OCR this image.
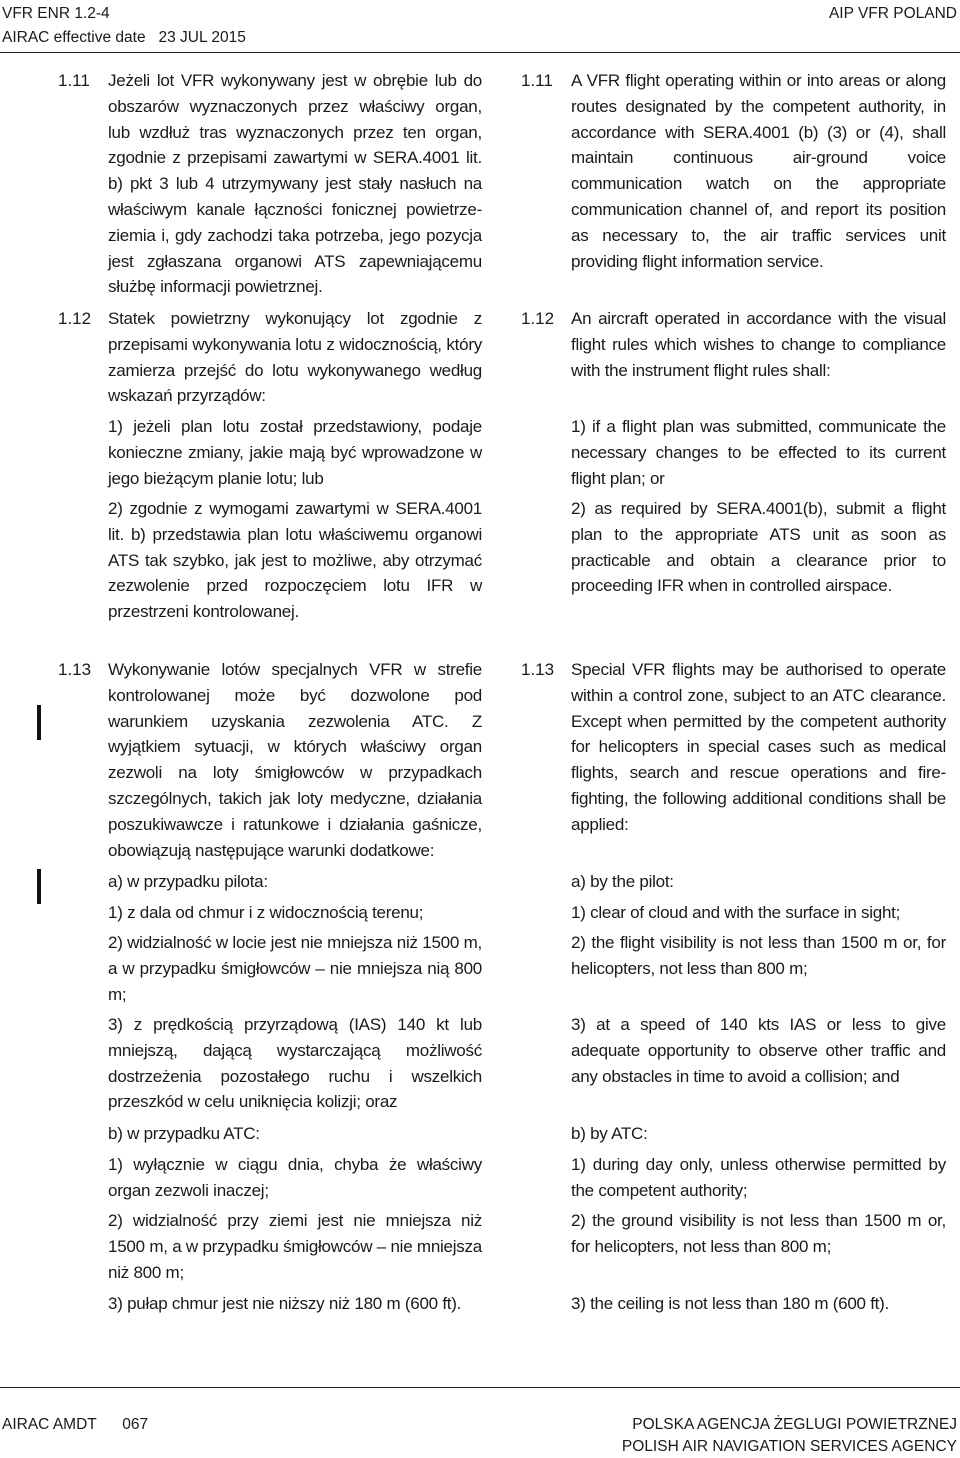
VFR ENR 1.2-4
AIRAC effective date   23 JUL 2015
AIP VFR POLAND
1.11 Jeżeli lot VFR wykonywany jest w obrębie lub do obszarów wyznaczonych przez właściwy organ, lub wzdłuż tras wyznaczonych przez ten organ, zgodnie z przepisami zawartymi w SERA.4001 lit. b) pkt 3 lub 4 utrzymywany jest stały nasłuch na właściwym kanale łączności fonicznej powietrze-ziemia i, gdy zachodzi taka potrzeba, jego pozycja jest zgłaszana organowi ATS zapewniającemu służbę informacji powietrznej.

1.12 Statek powietrzny wykonujący lot zgodnie z przepisami wykonywania lotu z widocznością, który zamierza przejść do lotu wykonywanego według wskazań przyrządów:

1) jeżeli plan lotu został przedstawiony, podaje konieczne zmiany, jakie mają być wprowadzone w jego bieżącym planie lotu; lub

2) zgodnie z wymogami zawartymi w SERA.4001 lit. b) przedstawia plan lotu właściwemu organowi ATS tak szybko, jak jest to możliwe, aby otrzymać zezwolenie przed rozpoczęciem lotu IFR w przestrzeni kontrolowanej.

1.13 Wykonywanie lotów specjalnych VFR w strefie kontrolowanej może być dozwolone pod warunkiem uzyskania zezwolenia ATC. Z wyjątkiem sytuacji, w których właściwy organ zezwoli na loty śmigłowców w przypadkach szczególnych, takich jak loty medyczne, działania poszukiwawcze i ratunkowe i działania gaśnicze, obowiązują następujące warunki dodatkowe:

a) w przypadku pilota:

1) z dala od chmur i z widocznością terenu;

2) widzialność w locie jest nie mniejsza niż 1500 m, a w przypadku śmigłowców – nie mniejsza nią 800 m;

3) z prędkością przyrządową (IAS) 140 kt lub mniejszą, dającą wystarczającą możliwość dostrzeżenia pozostałego ruchu i wszelkich przeszkód w celu uniknięcia kolizji; oraz

b) w przypadku ATC:

1) wyłącznie w ciągu dnia, chyba że właściwy organ zezwoli inaczej;

2) widzialność przy ziemi jest nie mniejsza niż 1500 m, a w przypadku śmigłowców – nie mniejsza niż 800 m;

3) pułap chmur jest nie niższy niż 180 m (600 ft).

1.11 A VFR flight operating within or into areas or along routes designated by the competent authority, in accordance with SERA.4001 (b) (3) or (4), shall maintain continuous air-ground voice communication watch on the appropriate communication channel of, and report its position as necessary to, the air traffic services unit providing flight information service.

1.12 An aircraft operated in accordance with the visual flight rules which wishes to change to compliance with the instrument flight rules shall:

1) if a flight plan was submitted, communicate the necessary changes to be effected to its current flight plan; or

2) as required by SERA.4001(b), submit a flight plan to the appropriate ATS unit as soon as practicable and obtain a clearance prior to proceeding IFR when in controlled airspace.

1.13 Special VFR flights may be authorised to operate within a control zone, subject to an ATC clearance. Except when permitted by the competent authority for helicopters in special cases such as medical flights, search and rescue operations and fire-fighting, the following additional conditions shall be applied:

a) by the pilot:

1) clear of cloud and with the surface in sight;

2) the flight visibility is not less than 1500 m or, for helicopters, not less than 800 m;

3) at a speed of 140 kts IAS or less to give adequate opportunity to observe other traffic and any obstacles in time to avoid a collision; and

b) by ATC:

1) during day only, unless otherwise permitted by the competent authority;

2) the ground visibility is not less than 1500 m or, for helicopters, not less than 800 m;

3) the ceiling is not less than 180 m (600 ft).

AIRAC AMDT      067	POLSKA AGENCJA ŻEGLUGI POWIETRZNEJ
POLISH AIR NAVIGATION SERVICES AGENCY
